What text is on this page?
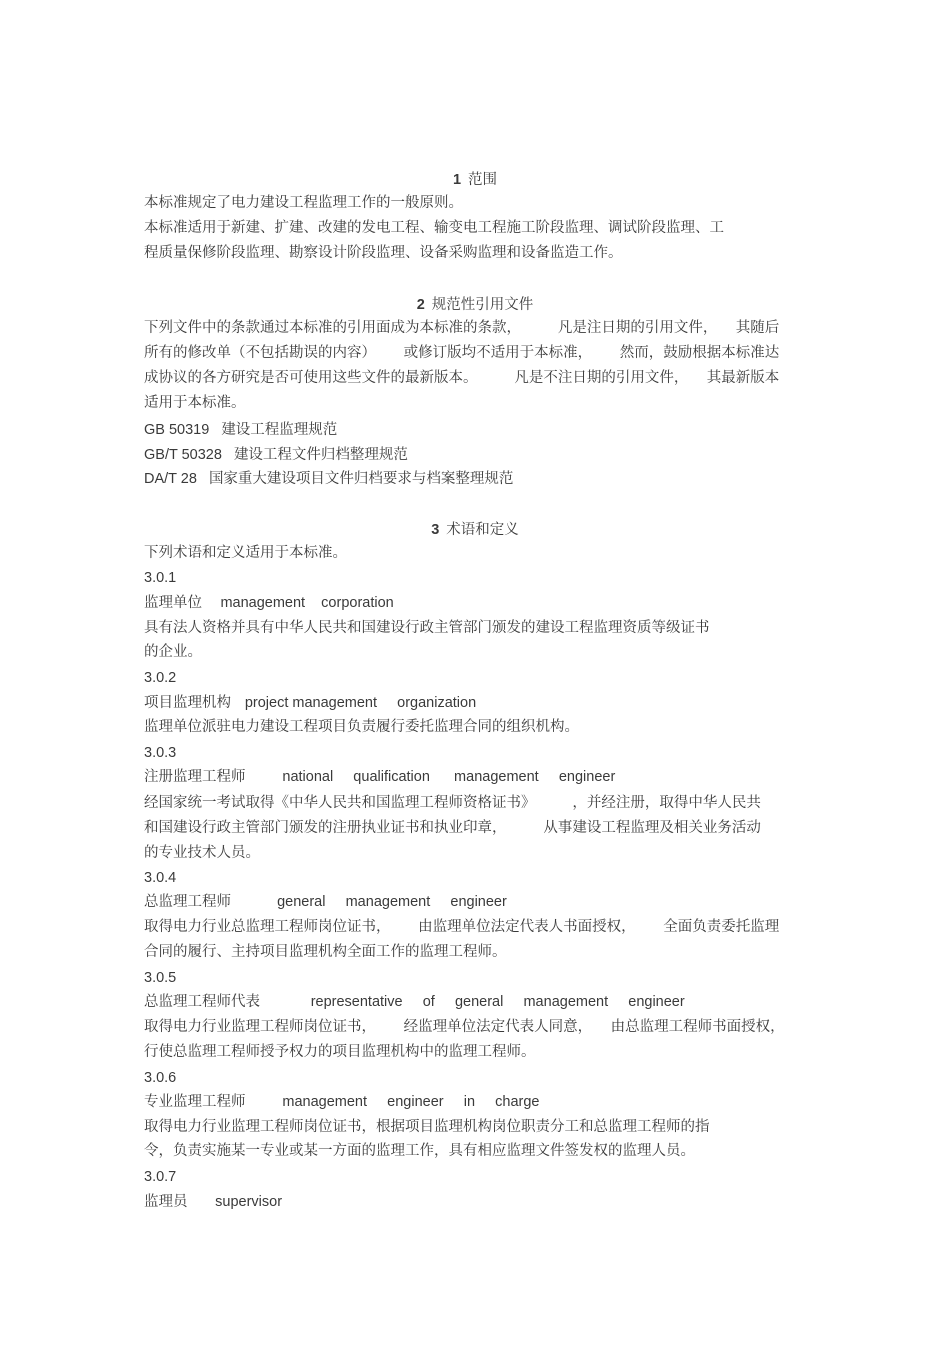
1 范围
本标准规定了电力建设工程监理工作的一般原则。
本标准适用于新建、扩建、改建的发电工程、输变电工程施工阶段监理、调试阶段监理、工
程质量保修阶段监理、勘察设计阶段监理、设备采购监理和设备监造工作。
2 规范性引用文件
下列文件中的条款通过本标准的引用面成为本标准的条款，        凡是注日期的引用文件，    其随后
所有的修改单（不包括勘误的内容）      或修订版均不适用于本标准，      然而，鼓励根据本标准达
成协议的各方研究是否可使用这些文件的最新版本。        凡是不注日期的引用文件，    其最新版本
适用于本标准。
GB 50319 建设工程监理规范
GB/T 50328 建设工程文件归档整理规范
DA/T 28 国家重大建设项目文件归档要求与档案整理规范
3 术语和定义
下列术语和定义适用于本标准。
3.0.1
监理单位 management    corporation
具有法人资格并具有中华人民共和国建设行政主管部门颁发的建设工程监理资质等级证书
的企业。
3.0.2
项目监理机构 project management     organization
监理单位派驻电力建设工程项目负责履行委托监理合同的组织机构。
3.0.3
注册监理工程师	national     qualification      management     engineer
经国家统一考试取得《中华人民共和国监理工程师资格证书》        ，并经注册，取得中华人民共
和国建设行政主管部门颁发的注册执业证书和执业印章，        从事建设工程监理及相关业务活动
的专业技术人员。
3.0.4
总监理工程师	general     management     engineer
取得电力行业总监理工程师岗位证书，      由监理单位法定代表人书面授权，      全面负责委托监理
合同的履行、主持项目监理机构全面工作的监理工程师。
3.0.5
总监理工程师代表	representative     of     general     management     engineer
取得电力行业监理工程师岗位证书，      经监理单位法定代表人同意，    由总监理工程师书面授权，
行使总监理工程师授予权力的项目监理机构中的监理工程师。
3.0.6
专业监理工程师	management     engineer     in     charge
取得电力行业监理工程师岗位证书，根据项目监理机构岗位职责分工和总监理工程师的指
令，负责实施某一专业或某一方面的监理工作，具有相应监理文件签发权的监理人员。
3.0.7
监理员 supervisor
